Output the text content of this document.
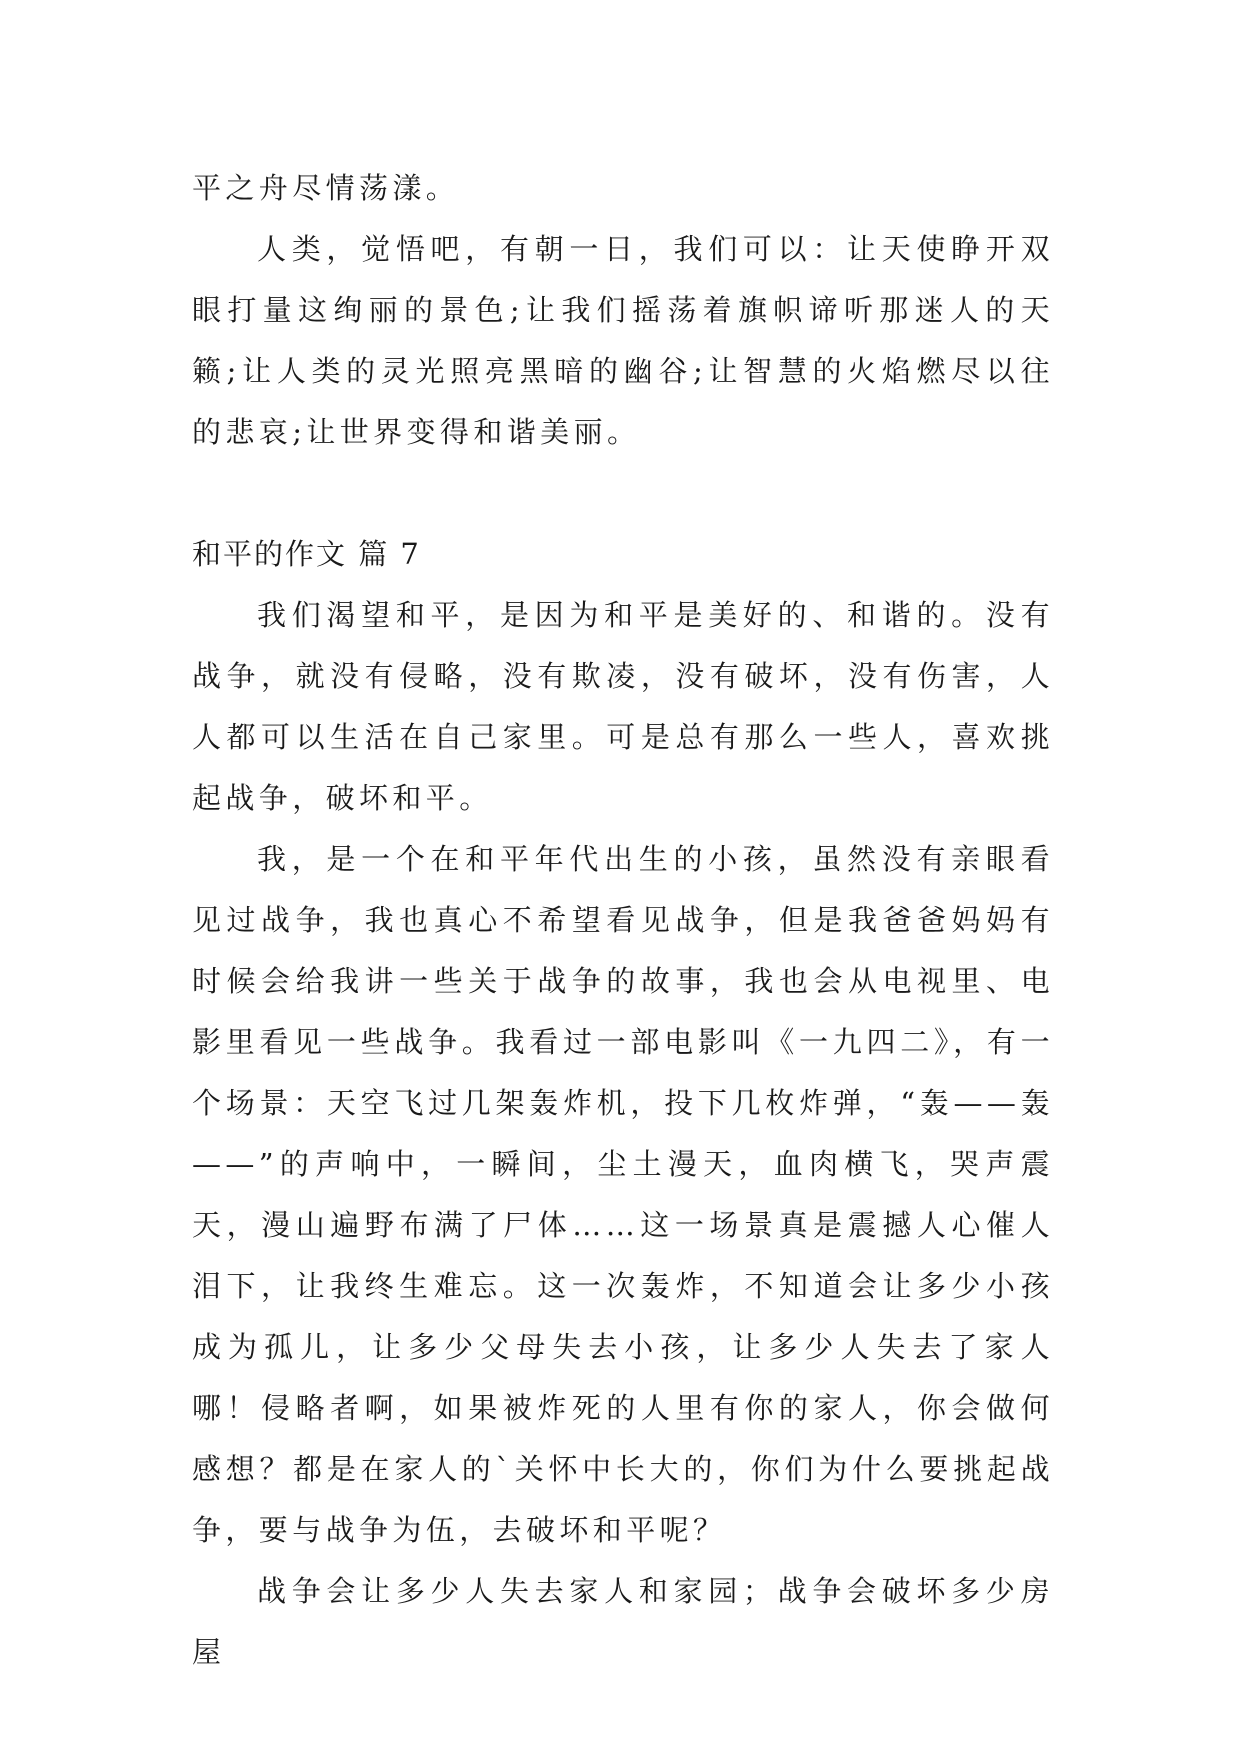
平之舟尽情荡漾。

人类，觉悟吧，有朝一日，我们可以：让天使睁开双眼打量这绚丽的景色;让我们摇荡着旗帜谛听那迷人的天籁;让人类的灵光照亮黑暗的幽谷;让智慧的火焰燃尽以往的悲哀;让世界变得和谐美丽。

和平的作文 篇 7

我们渴望和平，是因为和平是美好的、和谐的。没有战争，就没有侵略，没有欺凌，没有破坏，没有伤害，人人都可以生活在自己家里。可是总有那么一些人，喜欢挑起战争，破坏和平。

我，是一个在和平年代出生的小孩，虽然没有亲眼看见过战争，我也真心不希望看见战争，但是我爸爸妈妈有时候会给我讲一些关于战争的故事，我也会从电视里、电影里看见一些战争。我看过一部电影叫《一九四二》，有一个场景：天空飞过几架轰炸机，投下几枚炸弹，“轰——轰——”的声响中，一瞬间，尘土漫天，血肉横飞，哭声震天，漫山遍野布满了尸体……这一场景真是震撼人心催人泪下，让我终生难忘。这一次轰炸，不知道会让多少小孩成为孤儿，让多少父母失去小孩，让多少人失去了家人哪！侵略者啊，如果被炸死的人里有你的家人，你会做何感想？都是在家人的`关怀中长大的，你们为什么要挑起战争，要与战争为伍，去破坏和平呢？

战争会让多少人失去家人和家园；战争会破坏多少房屋
